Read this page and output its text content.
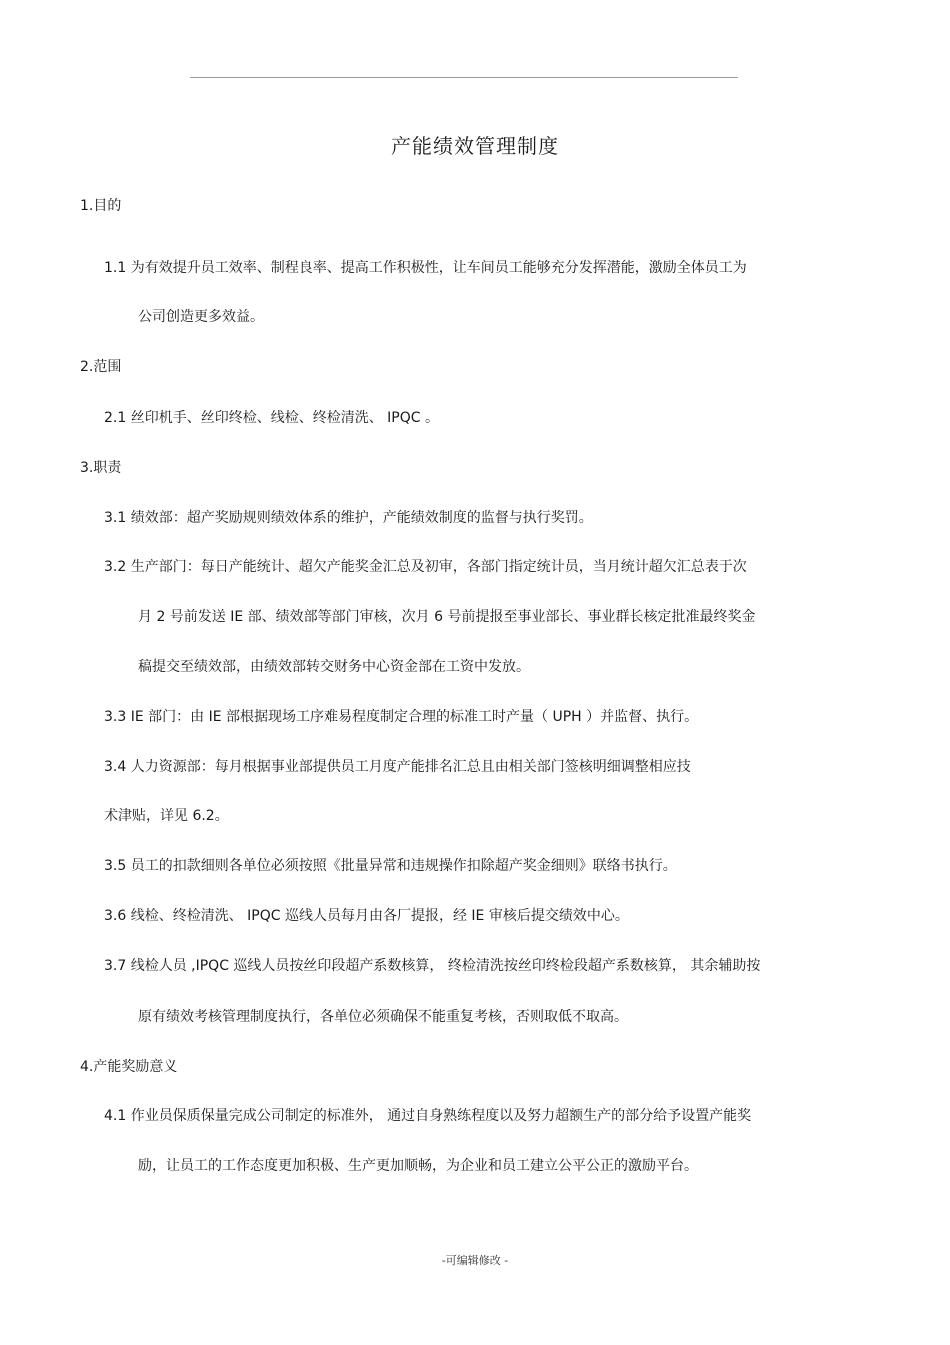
产能绩效管理制度
1.目的
1.1 为有效提升员工效率、制程良率、提高工作积极性，让车间员工能够充分发挥潜能，激励全体员工为
公司创造更多效益。
2.范围
2.1 丝印机手、丝印终检、线检、终检清洗、 IPQC 。
3.职责
3.1 绩效部：超产奖励规则绩效体系的维护，产能绩效制度的监督与执行奖罚。
3.2 生产部门：每日产能统计、超欠产能奖金汇总及初审，各部门指定统计员，当月统计超欠汇总表于次
月 2 号前发送 IE 部、绩效部等部门审核，次月 6 号前提报至事业部长、事业群长核定批准最终奖金
稿提交至绩效部，由绩效部转交财务中心资金部在工资中发放。
3.3 IE 部门：由 IE 部根据现场工序难易程度制定合理的标准工时产量（ UPH ）并监督、执行。
3.4 人力资源部：每月根据事业部提供员工月度产能排名汇总且由相关部门签核明细调整相应技
术津贴，详见 6.2。
3.5 员工的扣款细则各单位必须按照《批量异常和违规操作扣除超产奖金细则》联络书执行。
3.6 线检、终检清洗、 IPQC 巡线人员每月由各厂提报，经 IE 审核后提交绩效中心。
3.7 线检人员 ,IPQC 巡线人员按丝印段超产系数核算， 终检清洗按丝印终检段超产系数核算， 其余辅助按
原有绩效考核管理制度执行，各单位必须确保不能重复考核，否则取低不取高。
4.产能奖励意义
4.1 作业员保质保量完成公司制定的标准外， 通过自身熟练程度以及努力超额生产的部分给予设置产能奖
励，让员工的工作态度更加积极、生产更加顺畅，为企业和员工建立公平公正的激励平台。
-可编辑修改 -
